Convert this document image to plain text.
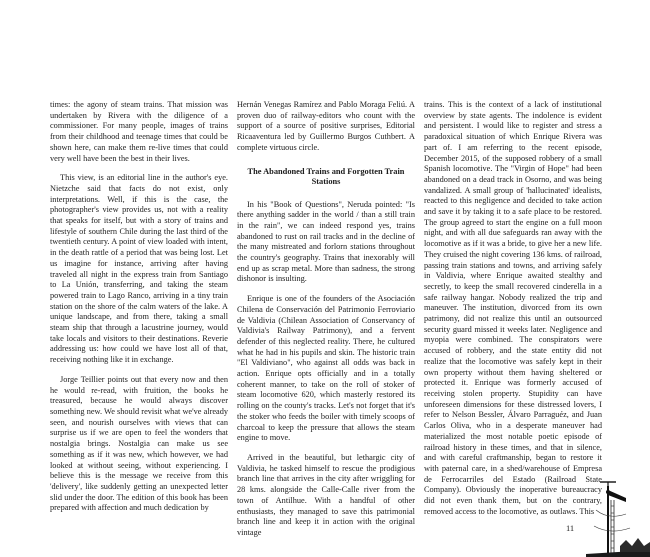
times: the agony of steam trains. That mission was undertaken by Rivera with the diligence of a commissioner. For many people, images of trains from their childhood and teenage times that could be shown here, can make them re-live times that could very well have been the best in their lives.

This view, is an editorial line in the author's eye. Nietzche said that facts do not exist, only interpretations. Well, if this is the case, the photographer's view provides us, not with a reality that speaks for itself, but with a story of trains and lifestyle of southern Chile during the last third of the twentieth century. A point of view loaded with intent, in the death rattle of a period that was being lost. Let us imagine for instance, arriving after having traveled all night in the express train from Santiago to La Unión, transferring, and taking the steam powered train to Lago Ranco, arriving in a tiny train station on the shore of the calm waters of the lake. A unique landscape, and from there, taking a small steam ship that through a lacustrine journey, would take locals and visitors to their destinations. Reverie addressing us: how could we have lost all of that, receiving nothing like it in exchange.

Jorge Teillier points out that every now and then he would re-read, with fruition, the books he treasured, because he would always discover something new. We should revisit what we've already seen, and nourish ourselves with views that can surprise us if we are open to feel the wonders that nostalgia brings. Nostalgia can make us see something as if it was new, which however, we had looked at without seeing, without experiencing. I believe this is the message we receive from this 'delivery', like suddenly getting an unexpected letter slid under the door. The edition of this book has been prepared with affection and much dedication by

Hernán Venegas Ramírez and Pablo Moraga Feliú. A proven duo of railway-editors who count with the support of a source of positive surprises, Editorial Ricaaventura led by Guillermo Burgos Cuthbert. A complete virtuous circle.

The Abandoned Trains and Forgotten Train Stations

In his "Book of Questions", Neruda pointed: "Is there anything sadder in the world / than a still train in the rain", we can indeed respond yes, trains abandoned to rust on rail tracks and in the decline of the many mistreated and forlorn stations throughout the country's geography. Trains that inexorably will end up as scrap metal. More than sadness, the strong dishonor is insulting.

Enrique is one of the founders of the Asociación Chilena de Conservación del Patrimonio Ferroviario de Valdivia (Chilean Association of Conservancy of Valdivia's Railway Patrimony), and a fervent defender of this neglected reality. There, he cultured what he had in his pupils and skin. The historic train "El Valdiviano", who against all odds was back in action. Enrique opts officially and in a totally coherent manner, to take on the roll of stoker of steam locomotive 620, which masterly restored its rolling on the county's tracks. Let's not forget that it's the stoker who feeds the boiler with timely scoops of charcoal to keep the pressure that allows the steam engine to move.

Arrived in the beautiful, but lethargic city of Valdivia, he tasked himself to rescue the prodigious branch line that arrives in the city after wriggling for 28 kms. alongside the Calle-Calle river from the town of Antilhue. With a handful of other enthusiasts, they managed to save this patrimonial branch line and keep it in action with the original vintage

trains. This is the context of a lack of institutional overview by state agents. The indolence is evident and persistent. I would like to register and stress a paradoxical situation of which Enrique Rivera was part of. I am referring to the recent episode, December 2015, of the supposed robbery of a small Spanish locomotive. The "Virgin of Hope" had been abandoned on a dead track in Osorno, and was being vandalized. A small group of 'hallucinated' idealists, reacted to this negligence and decided to take action and save it by taking it to a safe place to be restored. The group agreed to start the engine on a full moon night, and with all due safeguards ran away with the locomotive as if it was a bride, to give her a new life. They cruised the night covering 136 kms. of railroad, passing train stations and towns, and arriving safely in Valdivia, where Enrique awaited stealthy and secretly, to keep the small recovered cinderella in a safe railway hangar. Nobody realized the trip and maneuver. The institution, divorced from its own patrimony, did not realize this until an outsourced security guard missed it weeks later. Negligence and myopia were combined. The conspirators were accused of robbery, and the state entity did not realize that the locomotive was safely kept in their own property without them having sheltered or protected it. Enrique was formerly accused of receiving stolen property. Stupidity can have unforeseen dimensions for these distressed lovers, I refer to Nelson Bessler, Álvaro Parraguéz, and Juan Carlos Oliva, who in a desperate maneuver had materialized the most notable poetic episode of railroad history in these times, and that in silence, and with careful craftmanship, began to restore it with paternal care, in a shed/warehouse of Empresa de Ferrocarriles del Estado (Railroad State Company). Obviously the inoperative bureaucracy did not even thank them, but on the contrary, removed access to the locomotive, as outlaws. This

11
